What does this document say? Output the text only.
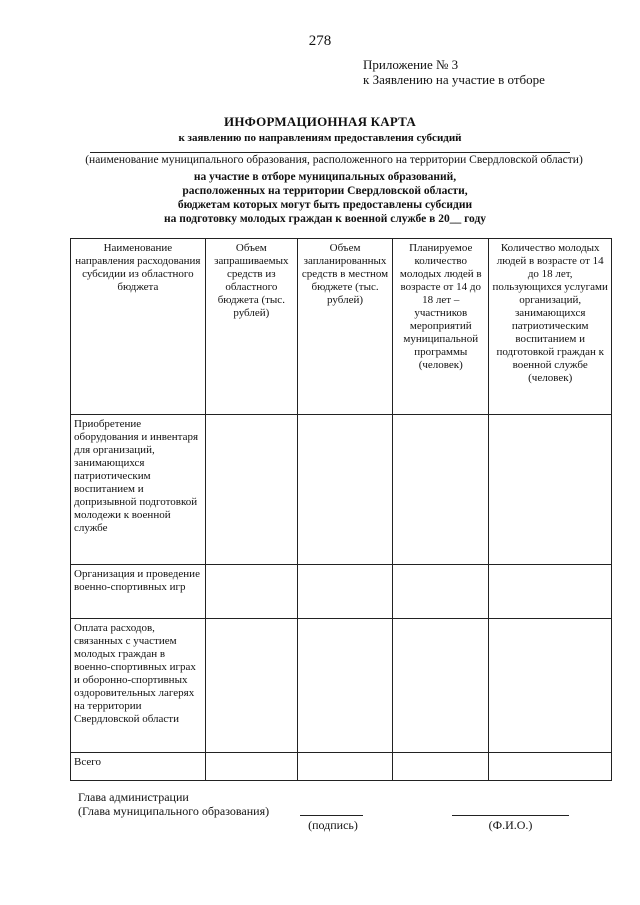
278
Приложение № 3
к Заявлению на участие в отборе
ИНФОРМАЦИОННАЯ КАРТА
к заявлению по направлениям предоставления субсидий
(наименование муниципального образования, расположенного на территории Свердловской области)
на участие в отборе муниципальных образований,
расположенных на территории Свердловской области,
бюджетам которых могут быть предоставлены субсидии
на подготовку молодых граждан к военной службе в 20__ году
Наименование направления расходования субсидии из областного бюджета	Объем запрашиваемых средств из областного бюджета (тыс. рублей)	Объем запланированных средств в местном бюджете (тыс. рублей)	Планируемое количество молодых людей в возрасте от 14 до 18 лет – участников мероприятий муниципальной программы (человек)	Количество молодых людей в возрасте от 14 до 18 лет, пользующихся услугами организаций, занимающихся патриотическим воспитанием и подготовкой граждан к военной службе (человек)
Приобретение оборудования и инвентаря для организаций, занимающихся патриотическим воспитанием и допризывной подготовкой молодежи к военной службе				
Организация и проведение военно-спортивных игр				
Оплата расходов, связанных с участием молодых граждан в военно-спортивных играх и оборонно-спортивных оздоровительных лагерях на территории Свердловской области				
Всего				
Глава администрации
(Глава муниципального образования)
(подпись)	(Ф.И.О.)
